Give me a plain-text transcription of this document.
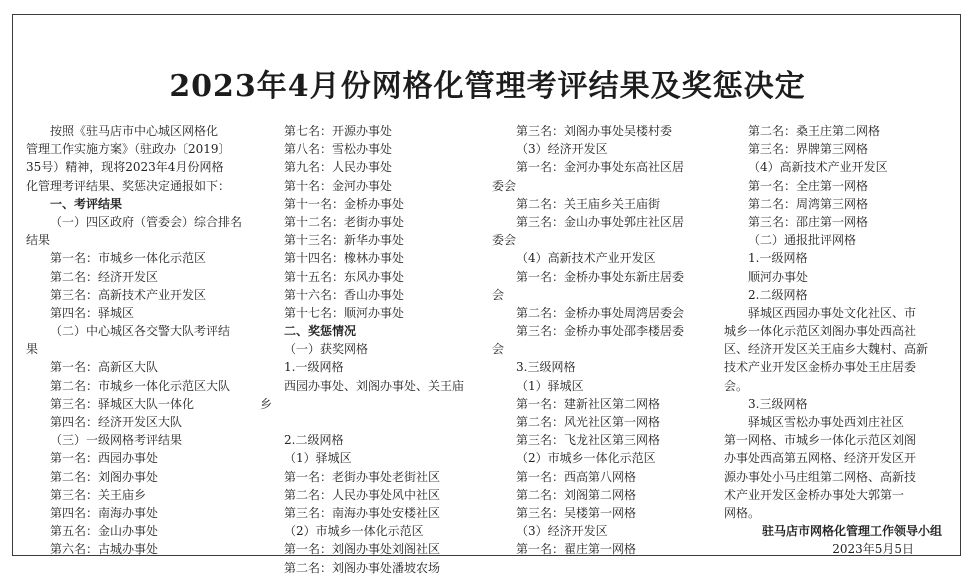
2023年4月份网格化管理考评结果及奖惩决定
按照《驻马店市中心城区网格化
管理工作实施方案》（驻政办〔2019〕
35号）精神，现将2023年4月份网格
化管理考评结果、奖惩决定通报如下：
一、考评结果
（一）四区政府（管委会）综合排名
结果
第一名：市城乡一体化示范区
第二名：经济开发区
第三名：高新技术产业开发区
第四名：驿城区
（二）中心城区各交警大队考评结
果
第一名：高新区大队
第二名：市城乡一体化示范区大队
第三名：驿城区大队一体化
第四名：经济开发区大队
（三）一级网格考评结果
第一名：西园办事处
第二名：刘阁办事处
第三名：关王庙乡
第四名：南海办事处
第五名：金山办事处
第六名：古城办事处
第七名：开源办事处
第八名：雪松办事处
第九名：人民办事处
第十名：金河办事处
第十一名：金桥办事处
第十二名：老街办事处
第十三名：新华办事处
第十四名：橡林办事处
第十五名：东风办事处
第十六名：香山办事处
第十七名：顺河办事处
二、奖惩情况
（一）获奖网格
1.一级网格
西园办事处、刘阁办事处、关王庙
乡
2.二级网格
（1）驿城区
第一名：老街办事处老街社区
第二名：人民办事处风中社区
第三名：南海办事处安楼社区
（2）市城乡一体化示范区
第一名：刘阁办事处刘阁社区
第二名：刘阁办事处潘坡农场
第三名：刘阁办事处吴楼村委
（3）经济开发区
第一名：金河办事处东高社区居
委会
第二名：关王庙乡关王庙街
第三名：金山办事处郭庄社区居
委会
（4）高新技术产业开发区
第一名：金桥办事处东新庄居委
会
第二名：金桥办事处周湾居委会
第三名：金桥办事处邵李楼居委
会
3.三级网格
（1）驿城区
第一名：建新社区第二网格
第二名：风光社区第一网格
第三名：飞龙社区第三网格
（2）市城乡一体化示范区
第一名：西高第八网格
第二名：刘阁第二网格
第三名：吴楼第一网格
（3）经济开发区
第一名：翟庄第一网格
第二名：桑王庄第二网格
第三名：界牌第三网格
（4）高新技术产业开发区
第一名：全庄第一网格
第二名：周湾第三网格
第三名：邵庄第一网格
（二）通报批评网格
1.一级网格
顺河办事处
2.二级网格
驿城区西园办事处文化社区、市
城乡一体化示范区刘阁办事处西高社
区、经济开发区关王庙乡大魏村、高新
技术产业开发区金桥办事处王庄居委
会。
3.三级网格
驿城区雪松办事处西刘庄社区
第一网格、市城乡一体化示范区刘阁
办事处西高第五网格、经济开发区开
源办事处小马庄组第二网格、高新技
术产业开发区金桥办事处大郭第一
网格。
驻马店市网格化管理工作领导小组
2023年5月5日
